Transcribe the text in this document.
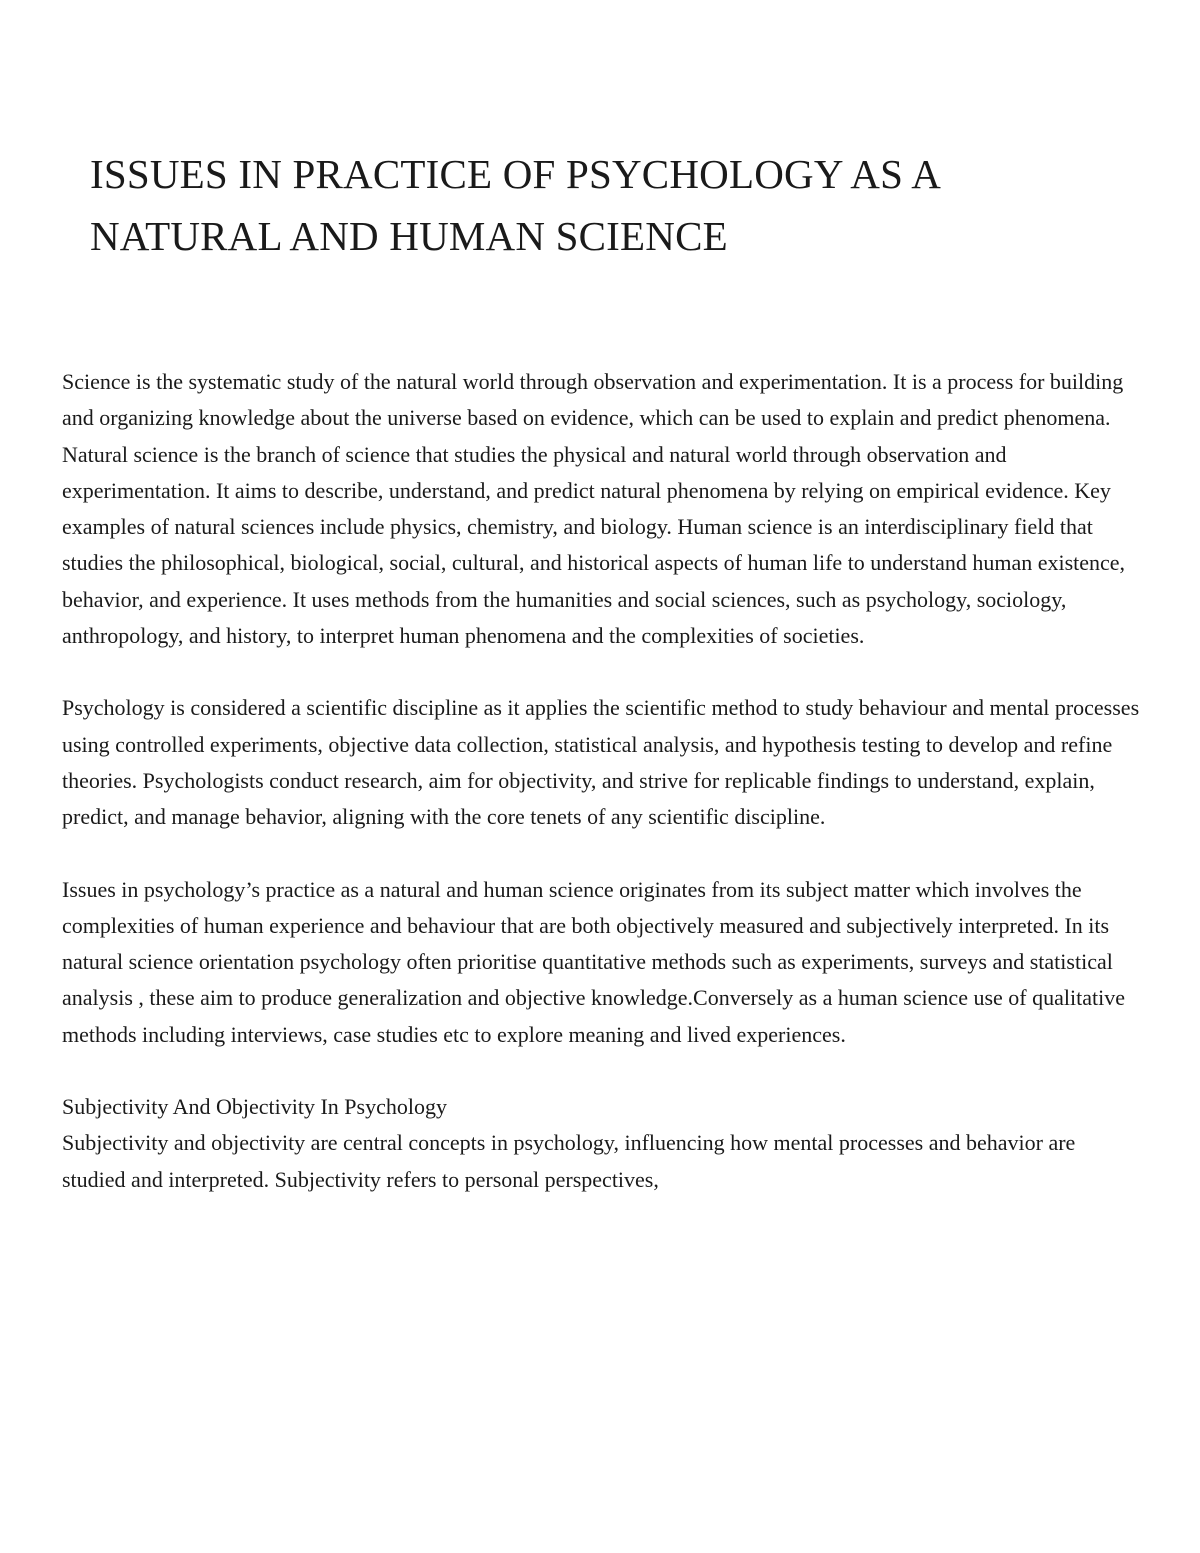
ISSUES IN PRACTICE OF PSYCHOLOGY AS A NATURAL AND HUMAN SCIENCE

Science is the systematic study of the natural world through observation and experimentation. It is a process for building and organizing knowledge about the universe based on evidence, which can be used to explain and predict phenomena. Natural science is the branch of science that studies the physical and natural world through observation and experimentation. It aims to describe, understand, and predict natural phenomena by relying on empirical evidence. Key examples of natural sciences include physics, chemistry, and biology. Human science is an interdisciplinary field that studies the philosophical, biological, social, cultural, and historical aspects of human life to understand human existence, behavior, and experience. It uses methods from the humanities and social sciences, such as psychology, sociology, anthropology, and history, to interpret human phenomena and the complexities of societies.

Psychology is considered a scientific discipline as it applies the scientific method to study behaviour and mental processes using controlled experiments, objective data collection, statistical analysis, and hypothesis testing to develop and refine theories. Psychologists conduct research, aim for objectivity, and strive for replicable findings to understand, explain, predict, and manage behavior, aligning with the core tenets of any scientific discipline.

Issues in psychology’s practice as a natural and human science originates from its subject matter which involves the complexities of human experience and behaviour that are both objectively measured and subjectively interpreted. In its natural science orientation psychology often prioritise quantitative methods such as experiments, surveys and statistical analysis , these aim to produce generalization and objective knowledge.Conversely as a human science use of qualitative methods including interviews, case studies etc to explore meaning and lived experiences.

Subjectivity And Objectivity In Psychology

Subjectivity and objectivity are central concepts in psychology, influencing how mental processes and behavior are studied and interpreted. Subjectivity refers to personal perspectives,
